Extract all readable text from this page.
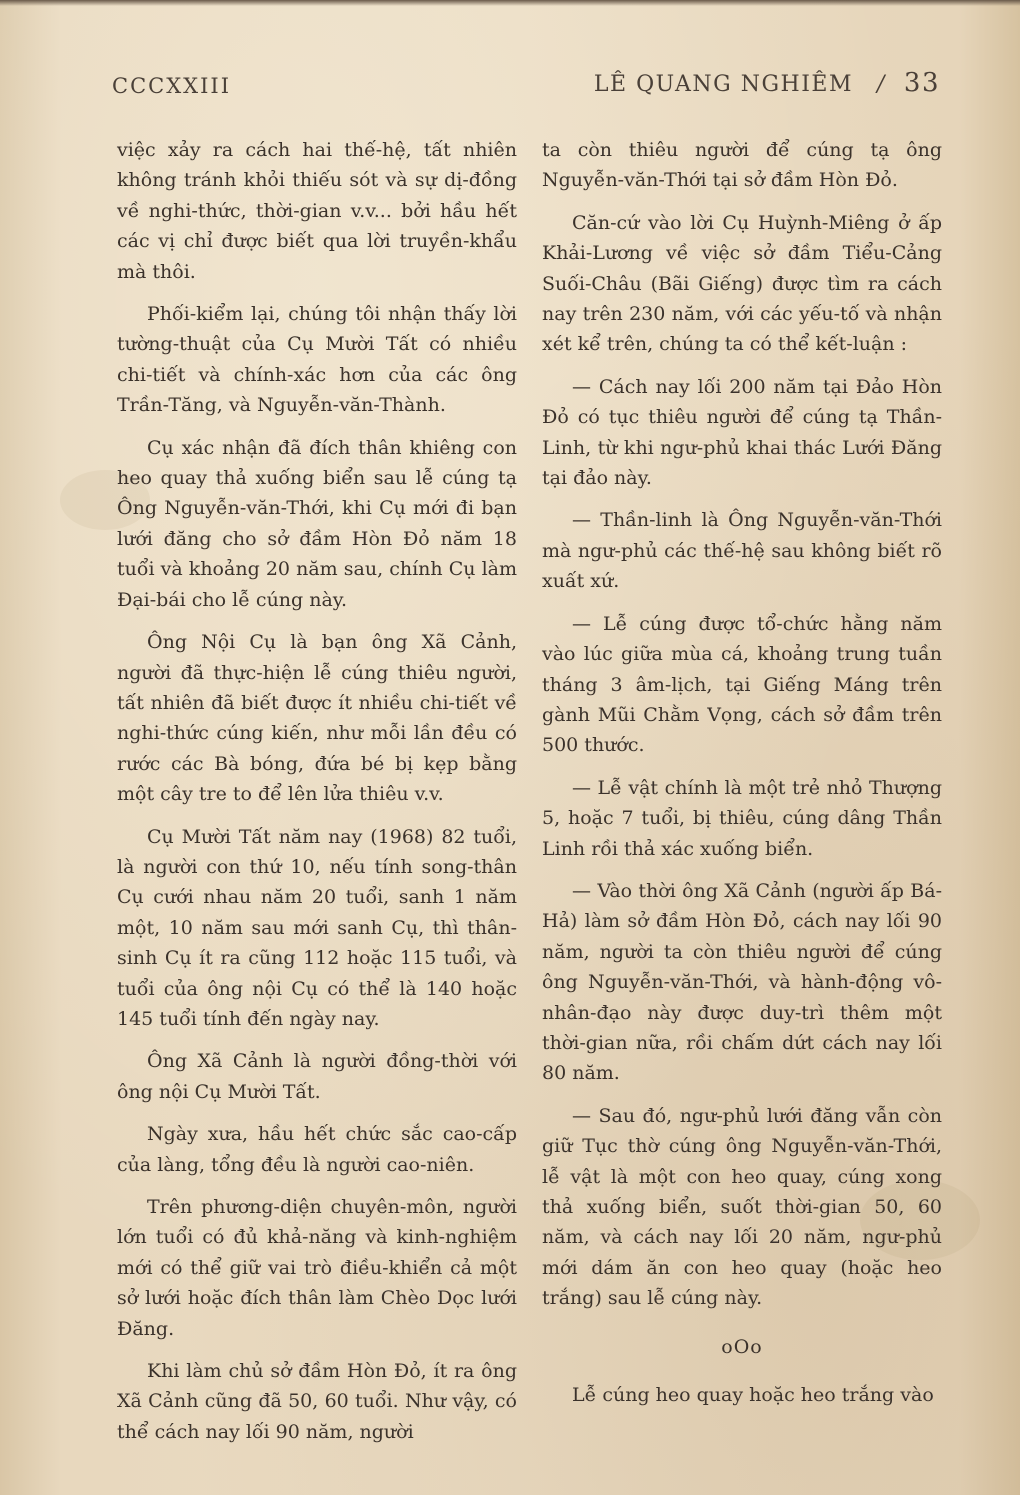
CCCXXIII	LÊ QUANG NGHIÊM / 33

việc xảy ra cách hai thế-hệ, tất nhiên không tránh khỏi thiếu sót và sự dị-đồng về nghi-thức, thời-gian v.v... bởi hầu hết các vị chỉ được biết qua lời truyền-khẩu mà thôi.

Phối-kiểm lại, chúng tôi nhận thấy lời tường-thuật của Cụ Mười Tất có nhiều chi-tiết và chính-xác hơn của các ông Trần-Tăng, và Nguyễn-văn-Thành.

Cụ xác nhận đã đích thân khiêng con heo quay thả xuống biển sau lễ cúng tạ Ông Nguyễn-văn-Thới, khi Cụ mới đi bạn lưới đăng cho sở đầm Hòn Đỏ năm 18 tuổi và khoảng 20 năm sau, chính Cụ làm Đại-bái cho lễ cúng này.

Ông Nội Cụ là bạn ông Xã Cảnh, người đã thực-hiện lễ cúng thiêu người, tất nhiên đã biết được ít nhiều chi-tiết về nghi-thức cúng kiến, như mỗi lần đều có rước các Bà bóng, đứa bé bị kẹp bằng một cây tre to để lên lửa thiêu v.v.

Cụ Mười Tất năm nay (1968) 82 tuổi, là người con thứ 10, nếu tính song-thân Cụ cưới nhau năm 20 tuổi, sanh 1 năm một, 10 năm sau mới sanh Cụ, thì thân-sinh Cụ ít ra cũng 112 hoặc 115 tuổi, và tuổi của ông nội Cụ có thể là 140 hoặc 145 tuổi tính đến ngày nay.

Ông Xã Cảnh là người đồng-thời với ông nội Cụ Mười Tất.

Ngày xưa, hầu hết chức sắc cao-cấp của làng, tổng đều là người cao-niên.

Trên phương-diện chuyên-môn, người lớn tuổi có đủ khả-năng và kinh-nghiệm mới có thể giữ vai trò điều-khiển cả một sở lưới hoặc đích thân làm Chèo Dọc lưới Đăng.

Khi làm chủ sở đầm Hòn Đỏ, ít ra ông Xã Cảnh cũng đã 50, 60 tuổi. Như vậy, có thể cách nay lối 90 năm, người

ta còn thiêu người để cúng tạ ông Nguyễn-văn-Thới tại sở đầm Hòn Đỏ.

Căn-cứ vào lời Cụ Huỳnh-Miêng ở ấp Khải-Lương về việc sở đầm Tiểu-Cảng Suối-Châu (Bãi Giếng) được tìm ra cách nay trên 230 năm, với các yếu-tố và nhận xét kể trên, chúng ta có thể kết-luận :

— Cách nay lối 200 năm tại Đảo Hòn Đỏ có tục thiêu người để cúng tạ Thần-Linh, từ khi ngư-phủ khai thác Lưới Đăng tại đảo này.

— Thần-linh là Ông Nguyễn-văn-Thới mà ngư-phủ các thế-hệ sau không biết rõ xuất xứ.

— Lễ cúng được tổ-chức hằng năm vào lúc giữa mùa cá, khoảng trung tuần tháng 3 âm-lịch, tại Giếng Máng trên gành Mũi Chằm Vọng, cách sở đầm trên 500 thước.

— Lễ vật chính là một trẻ nhỏ Thượng 5, hoặc 7 tuổi, bị thiêu, cúng dâng Thần Linh rồi thả xác xuống biển.

— Vào thời ông Xã Cảnh (người ấp Bá-Hả) làm sở đầm Hòn Đỏ, cách nay lối 90 năm, người ta còn thiêu người để cúng ông Nguyễn-văn-Thới, và hành-động vô-nhân-đạo này được duy-trì thêm một thời-gian nữa, rồi chấm dứt cách nay lối 80 năm.

— Sau đó, ngư-phủ lưới đăng vẫn còn giữ Tục thờ cúng ông Nguyễn-văn-Thới, lễ vật là một con heo quay, cúng xong thả xuống biển, suốt thời-gian 50, 60 năm, và cách nay lối 20 năm, ngư-phủ mới dám ăn con heo quay (hoặc heo trắng) sau lễ cúng này.

oOo

Lễ cúng heo quay hoặc heo trắng vào
